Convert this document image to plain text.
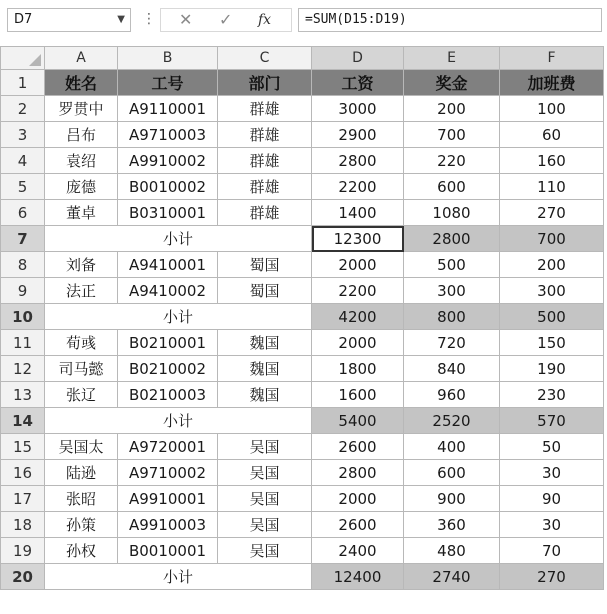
D7	▼ ⋮ ✕ ✓ fx	=SUM(D15:D19)
	A	B	C	D	E	F
1	姓名	工号	部门	工资	奖金	加班费
2	罗贯中	A9110001	群雄	3000	200	100
3	吕布	A9710003	群雄	2900	700	60
4	袁绍	A9910002	群雄	2800	220	160
5	庞德	B0010002	群雄	2200	600	110
6	董卓	B0310001	群雄	1400	1080	270
7	小计			12300	2800	700
8	刘备	A9410001	蜀国	2000	500	200
9	法正	A9410002	蜀国	2200	300	300
10	小计			4200	800	500
11	荀彧	B0210001	魏国	2000	720	150
12	司马懿	B0210002	魏国	1800	840	190
13	张辽	B0210003	魏国	1600	960	230
14	小计			5400	2520	570
15	吴国太	A9720001	吴国	2600	400	50
16	陆逊	A9710002	吴国	2800	600	30
17	张昭	A9910001	吴国	2000	900	90
18	孙策	A9910003	吴国	2600	360	30
19	孙权	B0010001	吴国	2400	480	70
20	小计			12400	2740	270
